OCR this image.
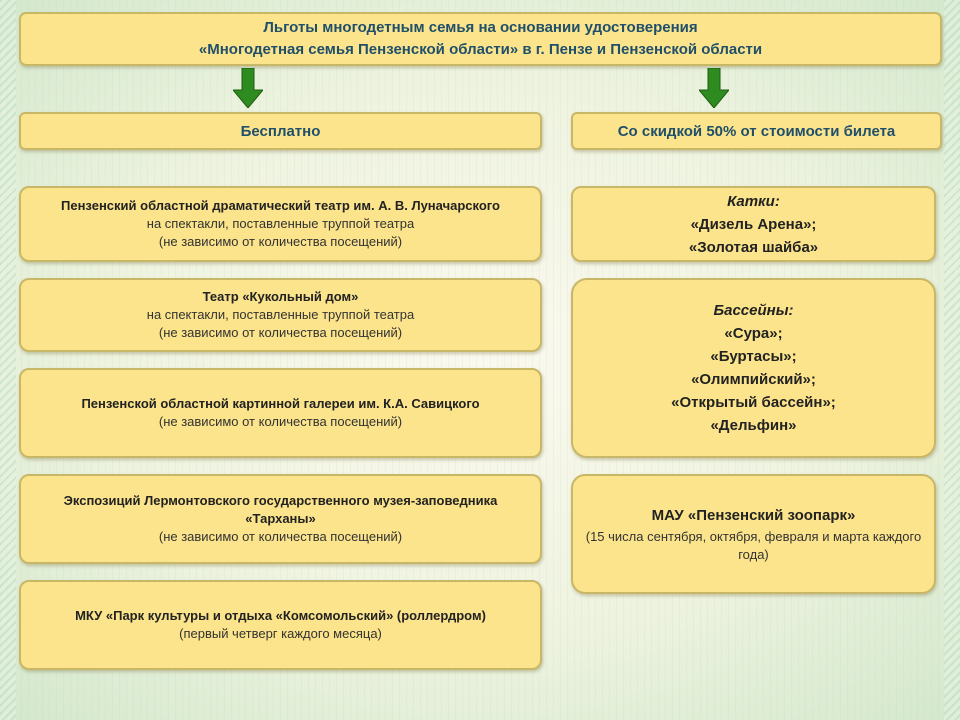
Льготы многодетным семья на основании удостоверения
«Многодетная семья Пензенской области» в г. Пензе и Пензенской области
Бесплатно	Со скидкой 50% от стоимости билета
Пензенский областной драматический театр им. А. В. Луначарского
на спектакли, поставленные труппой театра
(не зависимо от количества посещений)
Театр «Кукольный дом»
на спектакли, поставленные труппой театра
(не зависимо от количества посещений)
Пензенской областной картинной галереи им. К.А. Савицкого
(не зависимо от количества посещений)
Экспозиций Лермонтовского государственного музея-заповедника
«Тарханы»
(не зависимо от количества посещений)
МКУ «Парк культуры и отдыха «Комсомольский» (роллердром)
(первый четверг каждого месяца)
Катки:
«Дизель Арена»;
«Золотая шайба»
Бассейны:
«Сура»;
«Буртасы»;
«Олимпийский»;
«Открытый бассейн»;
«Дельфин»
МАУ «Пензенский зоопарк»
(15 числа сентября, октября, февраля и марта каждого года)
